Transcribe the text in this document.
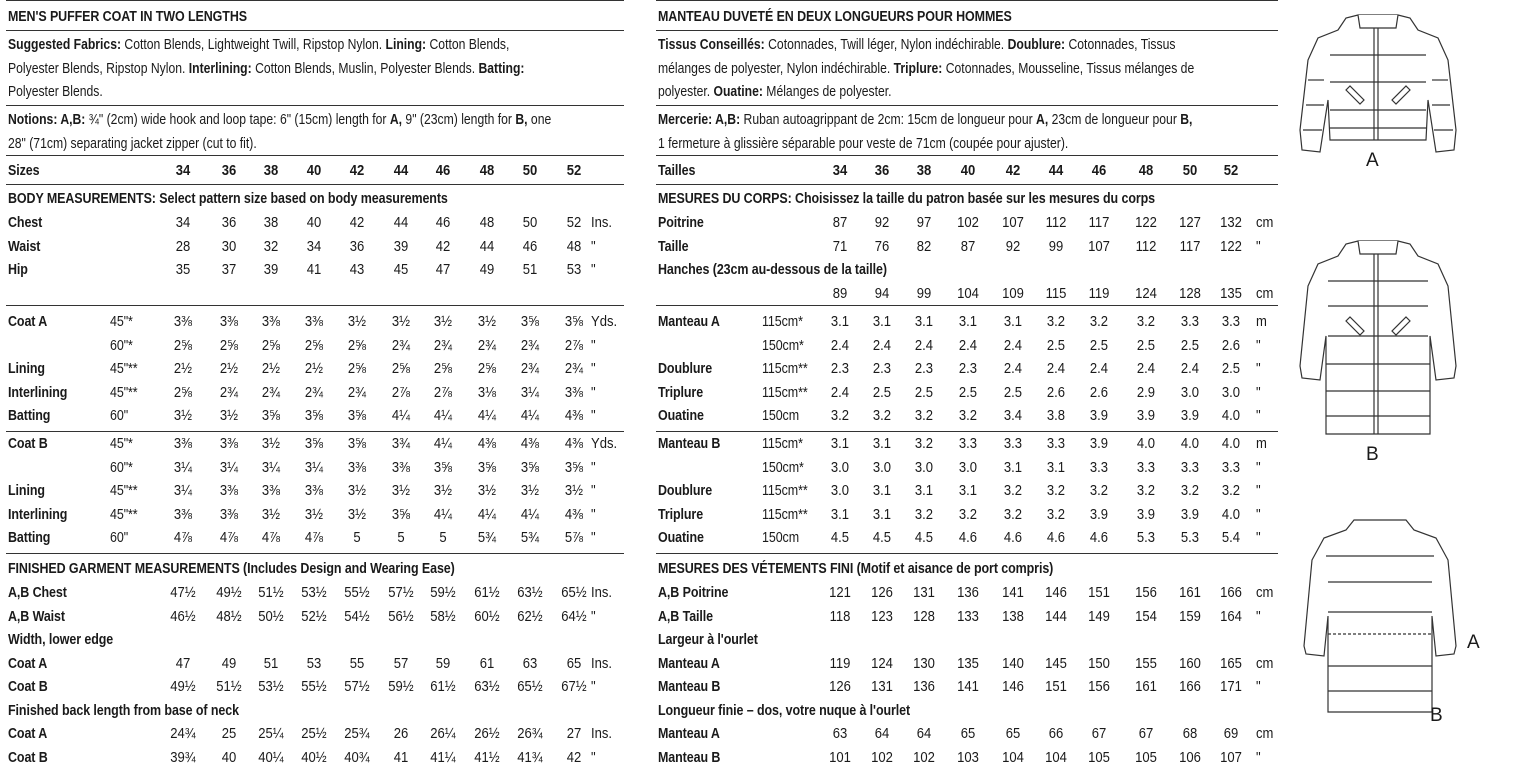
MEN'S PUFFER COAT IN TWO LENGTHS
Suggested Fabrics: Cotton Blends, Lightweight Twill, Ripstop Nylon. Lining: Cotton Blends,
Polyester Blends, Ripstop Nylon. Interlining: Cotton Blends, Muslin, Polyester Blends. Batting:
Polyester Blends.
Notions: A,B: ¾" (2cm) wide hook and loop tape: 6" (15cm) length for A, 9" (23cm) length for B, one
28" (71cm) separating jacket zipper (cut to fit).
Sizes	34	36	38	40	42	44	46	48	50	52
BODY MEASUREMENTS: Select pattern size based on body measurements
Chest	34	36	38	40	42	44	46	48	50	52 Ins.
Waist	28	30	32	34	36	39	42	44	46	48 "
Hip	35	37	39	41	43	45	47	49	51	53 "
Coat A	45"*	3⅜	3⅜	3⅜	3⅜	3½	3½	3½	3½	3⅝	3⅝ Yds.
60"*	2⅝	2⅝	2⅝	2⅝	2⅝	2¾	2¾	2¾	2¾	2⅞ "
Lining	45"**	2½	2½	2½	2½	2⅝	2⅝	2⅝	2⅝	2¾	2¾ "
Interlining	45"**	2⅝	2¾	2¾	2¾	2¾	2⅞	2⅞	3⅛	3¼	3⅜ "
Batting	60"	3½	3½	3⅝	3⅝	3⅝	4¼	4¼	4¼	4¼	4⅜ "
Coat B	45"*	3⅜	3⅜	3½	3⅝	3⅝	3¾	4¼	4⅜	4⅜	4⅜ Yds.
60"*	3¼	3¼	3¼	3¼	3⅜	3⅜	3⅝	3⅝	3⅝	3⅝ "
Lining	45"**	3¼	3⅜	3⅜	3⅜	3½	3½	3½	3½	3½	3½ "
Interlining	45"**	3⅜	3⅜	3½	3½	3½	3⅝	4¼	4¼	4¼	4⅜ "
Batting	60"	4⅞	4⅞	4⅞	4⅞	5	5	5	5¾	5¾	5⅞ "
FINISHED GARMENT MEASUREMENTS (Includes Design and Wearing Ease)
A,B Chest	47½	49½	51½	53½	55½	57½	59½	61½	63½	65½ Ins.
A,B Waist	46½	48½	50½	52½	54½	56½	58½	60½	62½	64½ "
Width, lower edge
Coat A	47	49	51	53	55	57	59	61	63	65 Ins.
Coat B	49½	51½	53½	55½	57½	59½	61½	63½	65½	67½ "
Finished back length from base of neck
Coat A	24¾	25	25¼	25½	25¾	26	26¼	26½	26¾	27 Ins.
Coat B	39¾	40	40¼	40½	40¾	41	41¼	41½	41¾	42 "
MANTEAU DUVETÉ EN DEUX LONGUEURS POUR HOMMES
Tissus Conseillés: Cotonnades, Twill léger, Nylon indéchirable. Doublure: Cotonnades, Tissus
mélanges de polyester, Nylon indéchirable. Triplure: Cotonnades, Mousseline, Tissus mélanges de
polyester. Ouatine: Mélanges de polyester.
Mercerie: A,B: Ruban autoagrippant de 2cm: 15cm de longueur pour A, 23cm de longueur pour B,
1 fermeture à glissière séparable pour veste de 71cm (coupée pour ajuster).
Tailles	34	36	38	40	42	44	46	48	50	52
MESURES DU CORPS: Choisissez la taille du patron basée sur les mesures du corps
Poitrine	87	92	97	102	107	112	117	122	127	132 cm
Taille	71	76	82	87	92	99	107	112	117	122 "
Hanches (23cm au-dessous de la taille)
89	94	99	104	109	115	119	124	128	135 cm
Manteau A	115cm*	3.1	3.1	3.1	3.1	3.1	3.2	3.2	3.2	3.3	3.3	m
150cm*	2.4	2.4	2.4	2.4	2.4	2.5	2.5	2.5	2.5	2.6	"
Doublure	115cm**	2.3	2.3	2.3	2.3	2.4	2.4	2.4	2.4	2.4	2.5	"
Triplure	115cm**	2.4	2.5	2.5	2.5	2.5	2.6	2.6	2.9	3.0	3.0	"
Ouatine	150cm	3.2	3.2	3.2	3.2	3.4	3.8	3.9	3.9	3.9	4.0	"
Manteau B	115cm*	3.1	3.1	3.2	3.3	3.3	3.3	3.9	4.0	4.0	4.0	m
150cm*	3.0	3.0	3.0	3.0	3.1	3.1	3.3	3.3	3.3	3.3	"
Doublure	115cm**	3.0	3.1	3.1	3.1	3.2	3.2	3.2	3.2	3.2	3.2	"
Triplure	115cm**	3.1	3.1	3.2	3.2	3.2	3.2	3.9	3.9	3.9	4.0	"
Ouatine	150cm	4.5	4.5	4.5	4.6	4.6	4.6	4.6	5.3	5.3	5.4	"
MESURES DES VÉTEMENTS FINI (Motif et aisance de port compris)
A,B Poitrine	121	126	131	136	141	146	151	156	161	166 cm
A,B Taille	118	123	128	133	138	144	149	154	159	164 "
Largeur à l'ourlet
Manteau A	119	124	130	135	140	145	150	155	160	165 cm
Manteau B	126	131	136	141	146	151	156	161	166	171 "
Longueur finie – dos, votre nuque à l'ourlet
Manteau A	63	64	64	65	65	66	67	67	68	69	cm
Manteau B	101	102	102	103	104	104	105	105	106	107 "
A
B
A
B
